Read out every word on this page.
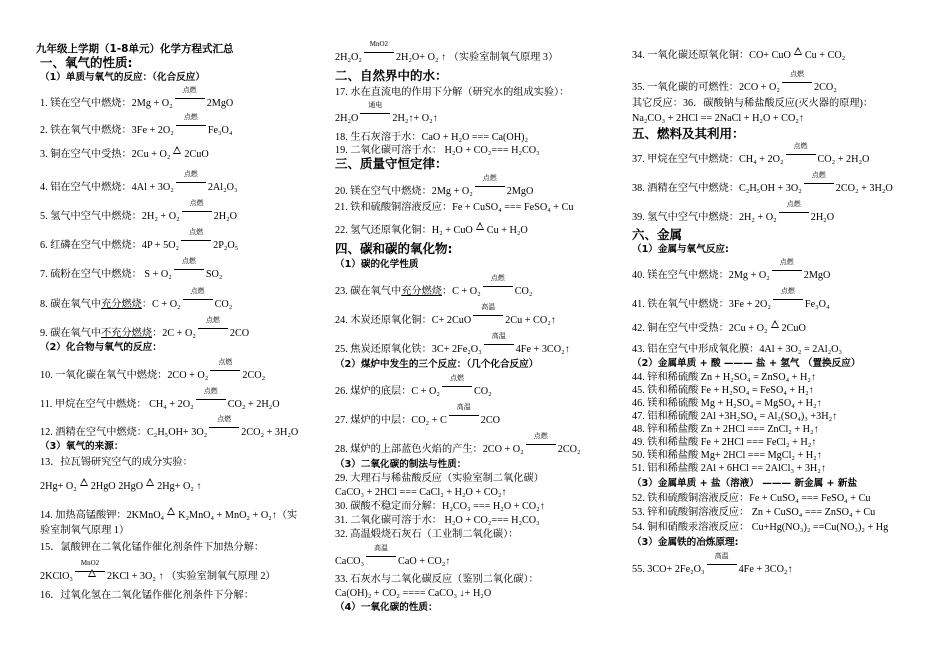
九年级上学期（1-8单元）化学方程式汇总
一、氧气的性质:
（1）单质与氧气的反应：（化合反应）
1. 镁在空气中燃烧：2Mg + O₂
点燃
2MgO
2. 铁在氧气中燃烧：3Fe + 2O₂
点燃
Fe₃O₄
3. 铜在空气中受热：2Cu + O₂ 2CuO
4. 铝在空气中燃烧：4Al + 3O₂
点燃
2Al₂O₃
5. 氢气中空气中燃烧：2H₂ + O₂
点燃
2H₂O
6. 红磷在空气中燃烧：4P + 5O₂
点燃
2P₂O₅
7. 硫粉在空气中燃烧： S + O₂
点燃
SO₂
8. 碳在氧气中充分燃烧：C + O₂
点燃
CO₂
9. 碳在氧气中不充分燃烧：2C + O₂
点燃
2CO
（2）化合物与氧气的反应：
10. 一氧化碳在氧气中燃烧：2CO + O₂
点燃
2CO₂
11. 甲烷在空气中燃烧： CH₄ + 2O₂
点燃
CO₂ + 2H₂O
12. 酒精在空气中燃烧：C₂H₅OH+ 3O₂
点燃
2CO₂ + 3H₂O
（3）氧气的来源：
13．拉瓦锡研究空气的成分实验：
2Hg+ O₂ 2HgO 2HgO 2Hg+ O₂ ↑
14. 加热高锰酸钾：2KMnO₄ K₂MnO₄ + MnO₂ + O₂↑（实
验室制氧气原理 1）
15．氯酸钾在二氧化锰作催化剂条件下加热分解：
2KClO₃
MnO2
2KCl + 3O₂ ↑ （实验室制氧气原理 2）
16．过氧化氢在二氧化锰作催化剂条件下分解：
2H₂O₂
MnO2
2H₂O+ O₂ ↑ （实验室制氧气原理 3）
二、自然界中的水：
17. 水在直流电的作用下分解（研究水的组成实验）：
2H₂O
通电
2H₂↑+ O₂↑
18. 生石灰溶于水：CaO + H₂O === Ca(OH)₂
19. 二氧化碳可溶于水： H₂O + CO₂=== H₂CO₃
三、质量守恒定律：
20. 镁在空气中燃烧：2Mg + O₂
点燃
2MgO
21. 铁和硫酸铜溶液反应：Fe + CuSO₄ === FeSO₄ + Cu
22. 氢气还原氧化铜：H₂ + CuO Cu + H₂O
四、碳和碳的氧化物:
（1）碳的化学性质
23. 碳在氧气中充分燃烧：C + O₂
点燃
CO₂
24. 木炭还原氧化铜：C+ 2CuO
高温
2Cu + CO₂↑
25. 焦炭还原氧化铁：3C+ 2Fe₂O₃
高温
4Fe + 3CO₂↑
（2）煤炉中发生的三个反应：（几个化合反应）
26. 煤炉的底层：C + O₂
点燃
CO₂
27. 煤炉的中层：CO₂ + C
高温
2CO
28. 煤炉的上部蓝色火焰的产生：2CO + O₂
点燃
2CO₂
（3）二氧化碳的制法与性质：
29. 大理石与稀盐酸反应（实验室制二氧化碳）
CaCO₃ + 2HCl === CaCl₂ + H₂O + CO₂↑
30. 碳酸不稳定而分解：H₂CO₃ === H₂O + CO₂↑
31. 二氧化碳可溶于水： H₂O + CO₂=== H₂CO₃
32. 高温煅烧石灰石（工业制二氧化碳）：
CaCO₃
高温
CaO + CO₂↑
33. 石灰水与二氧化碳反应（鉴别二氧化碳）：
Ca(OH)₂ + CO₂ ==== CaCO₃ ↓+ H₂O
（4）一氧化碳的性质：
34. 一氧化碳还原氧化铜：CO+ CuO Cu + CO₂
35. 一氧化碳的可燃性：2CO + O₂
点燃
2CO₂
其它反应：36．碳酸钠与稀盐酸反应(灭火器的原理)：
Na₂CO₃ + 2HCl == 2NaCl + H₂O + CO₂↑
五、燃料及其利用：
37. 甲烷在空气中燃烧：CH₄ + 2O₂
点燃
CO₂ + 2H₂O
38. 酒精在空气中燃烧：C₂H₅OH + 3O₂
点燃
2CO₂ + 3H₂O
39. 氢气中空气中燃烧：2H₂ + O₂
点燃
2H₂O
六、金属
（1）金属与氧气反应:
40. 镁在空气中燃烧：2Mg + O₂
点燃
2MgO
41. 铁在氧气中燃烧：3Fe + 2O₂
点燃
Fe₃O₄
42. 铜在空气中受热：2Cu + O₂ 2CuO
43. 铝在空气中形成氧化膜：4Al + 3O₂ = 2Al₂O₃
（2）金属单质 + 酸 ——— 盐 + 氢气 （置换反应）
44. 锌和稀硫酸 Zn + H₂SO₄ = ZnSO₄ + H₂↑
45. 铁和稀硫酸 Fe + H₂SO₄ = FeSO₄ + H₂↑
46. 镁和稀硫酸 Mg + H₂SO₄ = MgSO₄ + H₂↑
47. 铝和稀硫酸 2Al +3H₂SO₄ = Al₂(SO₄)₃ +3H₂↑
48. 锌和稀盐酸 Zn + 2HCl === ZnCl₂ + H₂↑
49. 铁和稀盐酸 Fe + 2HCl === FeCl₂ + H₂↑
50. 镁和稀盐酸 Mg+ 2HCl === MgCl₂ + H₂↑
51. 铝和稀盐酸 2Al + 6HCl == 2AlCl₃ + 3H₂↑
（3）金属单质 + 盐（溶液） ——— 新金属 + 新盐
52. 铁和硫酸铜溶液反应：Fe + CuSO₄ === FeSO₄ + Cu
53. 锌和硫酸铜溶液反应： Zn + CuSO₄ === ZnSO₄ + Cu
54. 铜和硝酸汞溶液反应： Cu+Hg(NO₃)₂ ==Cu(NO₃)₂ + Hg
（3）金属铁的冶炼原理:
55. 3CO+ 2Fe₂O₃
高温
4Fe + 3CO₂↑
